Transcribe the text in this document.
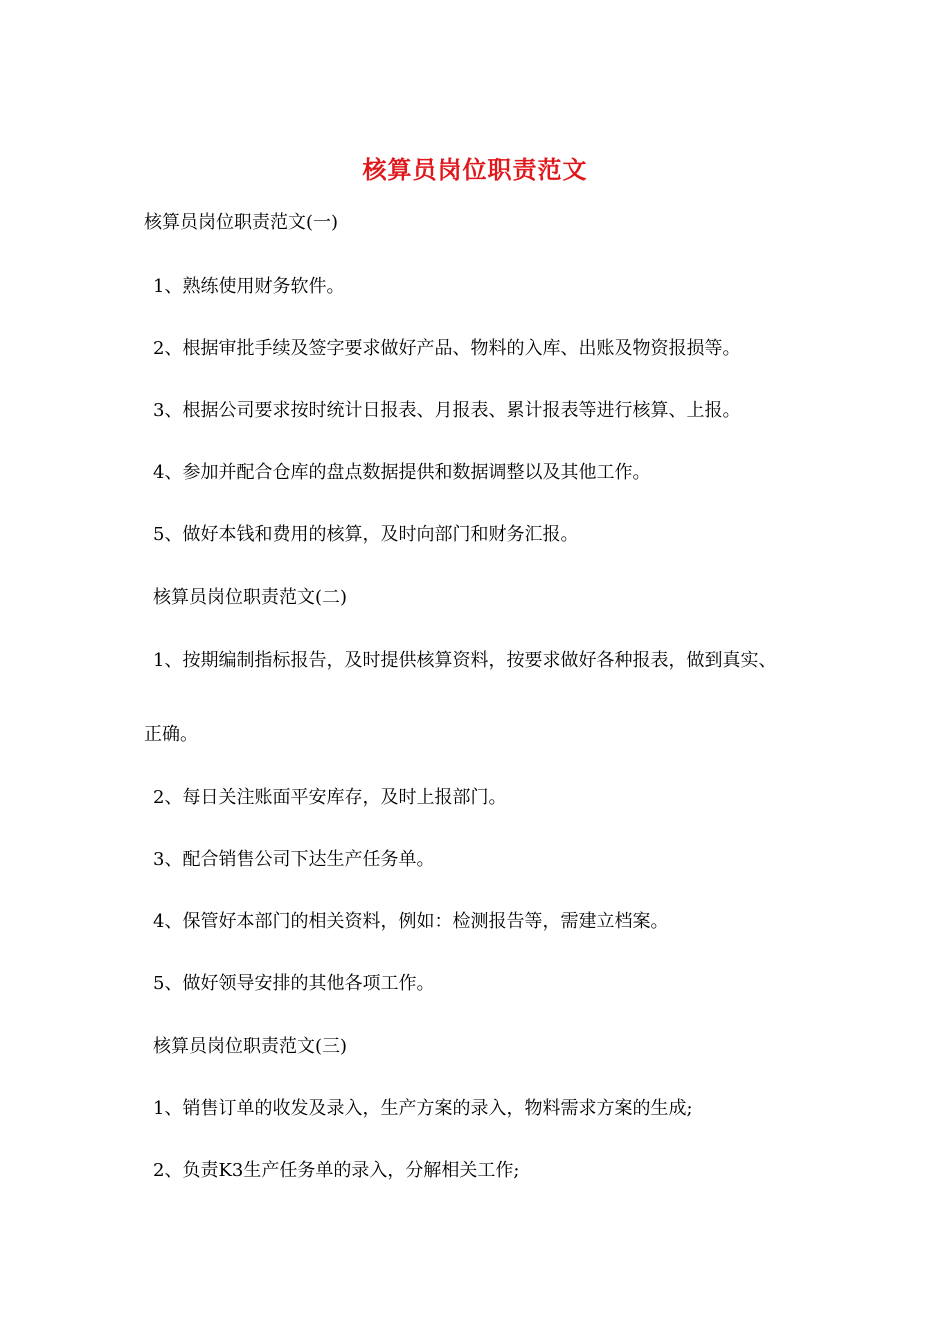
核算员岗位职责范文
核算员岗位职责范文(一)
1、熟练使用财务软件。
2、根据审批手续及签字要求做好产品、物料的入库、出账及物资报损等。
3、根据公司要求按时统计日报表、月报表、累计报表等进行核算、上报。
4、参加并配合仓库的盘点数据提供和数据调整以及其他工作。
5、做好本钱和费用的核算，及时向部门和财务汇报。
核算员岗位职责范文(二)
1、按期编制指标报告，及时提供核算资料，按要求做好各种报表，做到真实、
正确。
2、每日关注账面平安库存，及时上报部门。
3、配合销售公司下达生产任务单。
4、保管好本部门的相关资料，例如：检测报告等，需建立档案。
5、做好领导安排的其他各项工作。
核算员岗位职责范文(三)
1、销售订单的收发及录入，生产方案的录入，物料需求方案的生成;
2、负责K3生产任务单的录入，分解相关工作;
